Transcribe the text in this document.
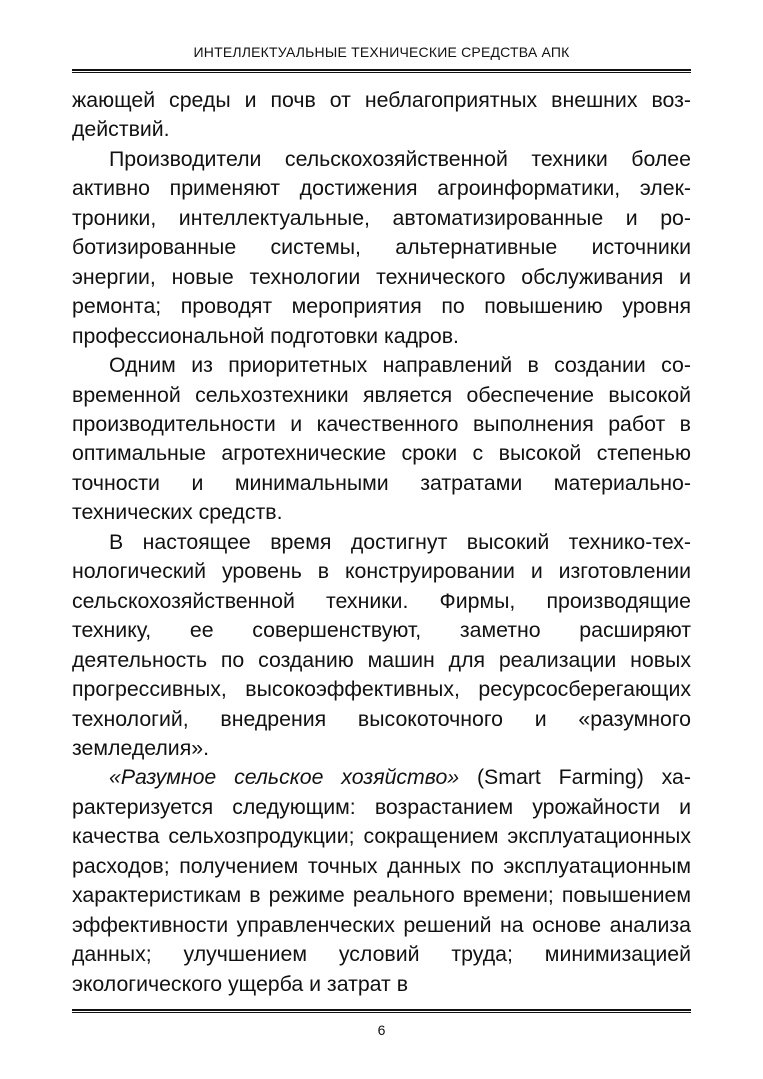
ИНТЕЛЛЕКТУАЛЬНЫЕ ТЕХНИЧЕСКИЕ СРЕДСТВА АПК

жающей среды и почв от неблагоприятных внешних воздействий.

Производители сельскохозяйственной техники более активно применяют достижения агроинформатики, электроники, интеллектуальные, автоматизированные и роботизированные системы, альтернативные источники энергии, новые технологии технического обслуживания и ремонта; проводят мероприятия по повышению уровня профессиональной подготовки кадров.

Одним из приоритетных направлений в создании современной сельхозтехники является обеспечение высокой производительности и качественного выполнения работ в оптимальные агротехнические сроки с высокой степенью точности и минимальными затратами материально-технических средств.

В настоящее время достигнут высокий технико-технологический уровень в конструировании и изготовлении сельскохозяйственной техники. Фирмы, производящие технику, ее совершенствуют, заметно расширяют деятельность по созданию машин для реализации новых прогрессивных, высокоэффективных, ресурсосберегающих технологий, внедрения высокоточного и «разумного земледелия».

«Разумное сельское хозяйство» (Smart Farming) характеризуется следующим: возрастанием урожайности и качества сельхозпродукции; сокращением эксплуатационных расходов; получением точных данных по эксплуатационным характеристикам в режиме реального времени; повышением эффективности управленческих решений на основе анализа данных; улучшением условий труда; минимизацией экологического ущерба и затрат в

6
